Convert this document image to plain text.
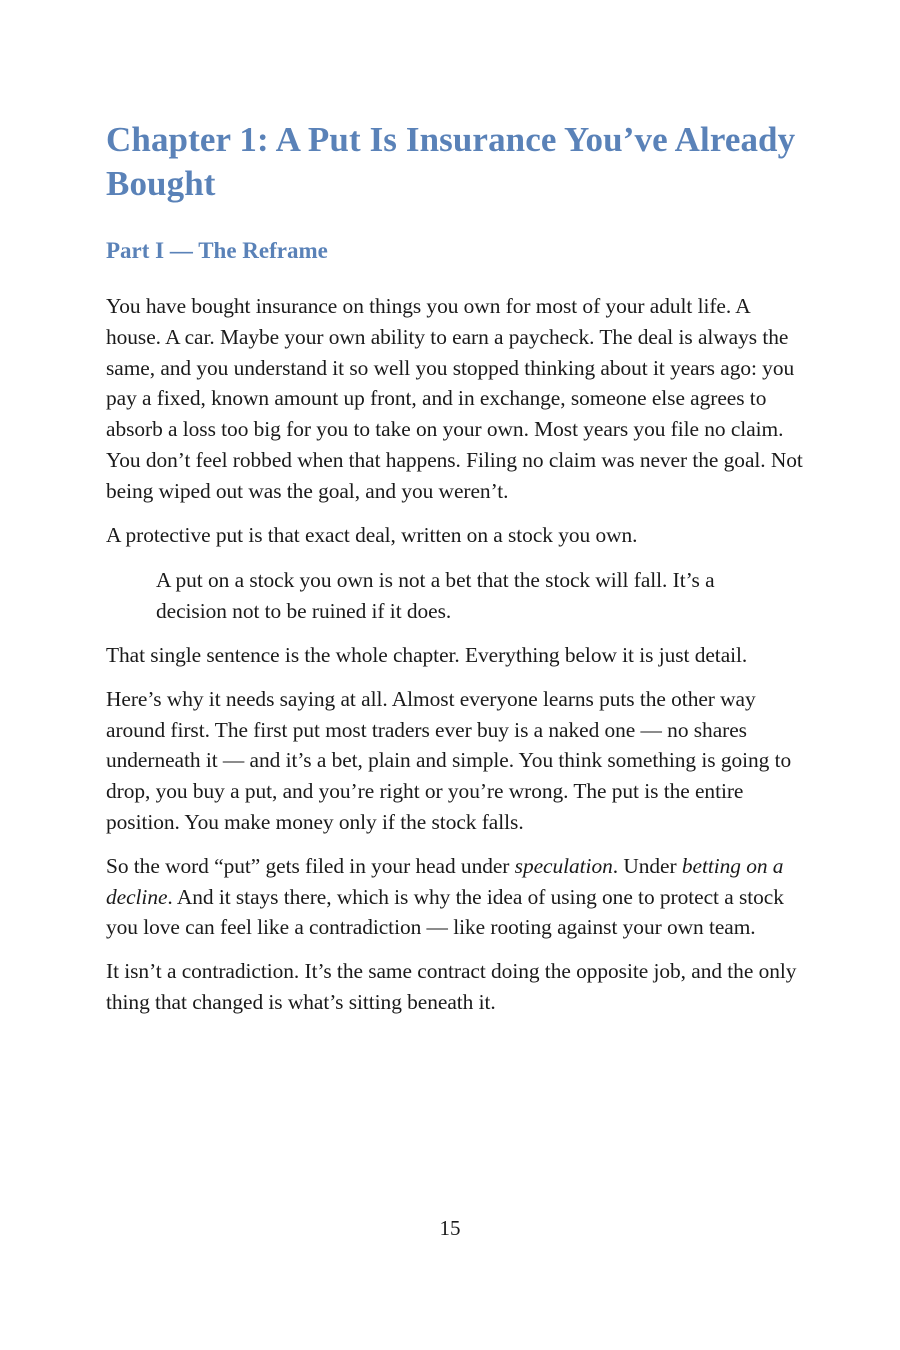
Chapter 1: A Put Is Insurance You’ve Already
Bought
Part I — The Reframe

You have bought insurance on things you own for most of your adult life. A house. A car. Maybe your own ability to earn a paycheck. The deal is always the same, and you understand it so well you stopped thinking about it years ago: you pay a fixed, known amount up front, and in exchange, someone else agrees to absorb a loss too big for you to take on your own. Most years you file no claim. You don’t feel robbed when that happens. Filing no claim was never the goal. Not being wiped out was the goal, and you weren’t.

A protective put is that exact deal, written on a stock you own.

A put on a stock you own is not a bet that the stock will fall. It’s a decision not to be ruined if it does.

That single sentence is the whole chapter. Everything below it is just detail.

Here’s why it needs saying at all. Almost everyone learns puts the other way around first. The first put most traders ever buy is a naked one — no shares underneath it — and it’s a bet, plain and simple. You think something is going to drop, you buy a put, and you’re right or you’re wrong. The put is the entire position. You make money only if the stock falls.

So the word “put” gets filed in your head under speculation. Under betting on a decline. And it stays there, which is why the idea of using one to protect a stock you love can feel like a contradiction — like rooting against your own team.

It isn’t a contradiction. It’s the same contract doing the opposite job, and the only thing that changed is what’s sitting beneath it.

15
